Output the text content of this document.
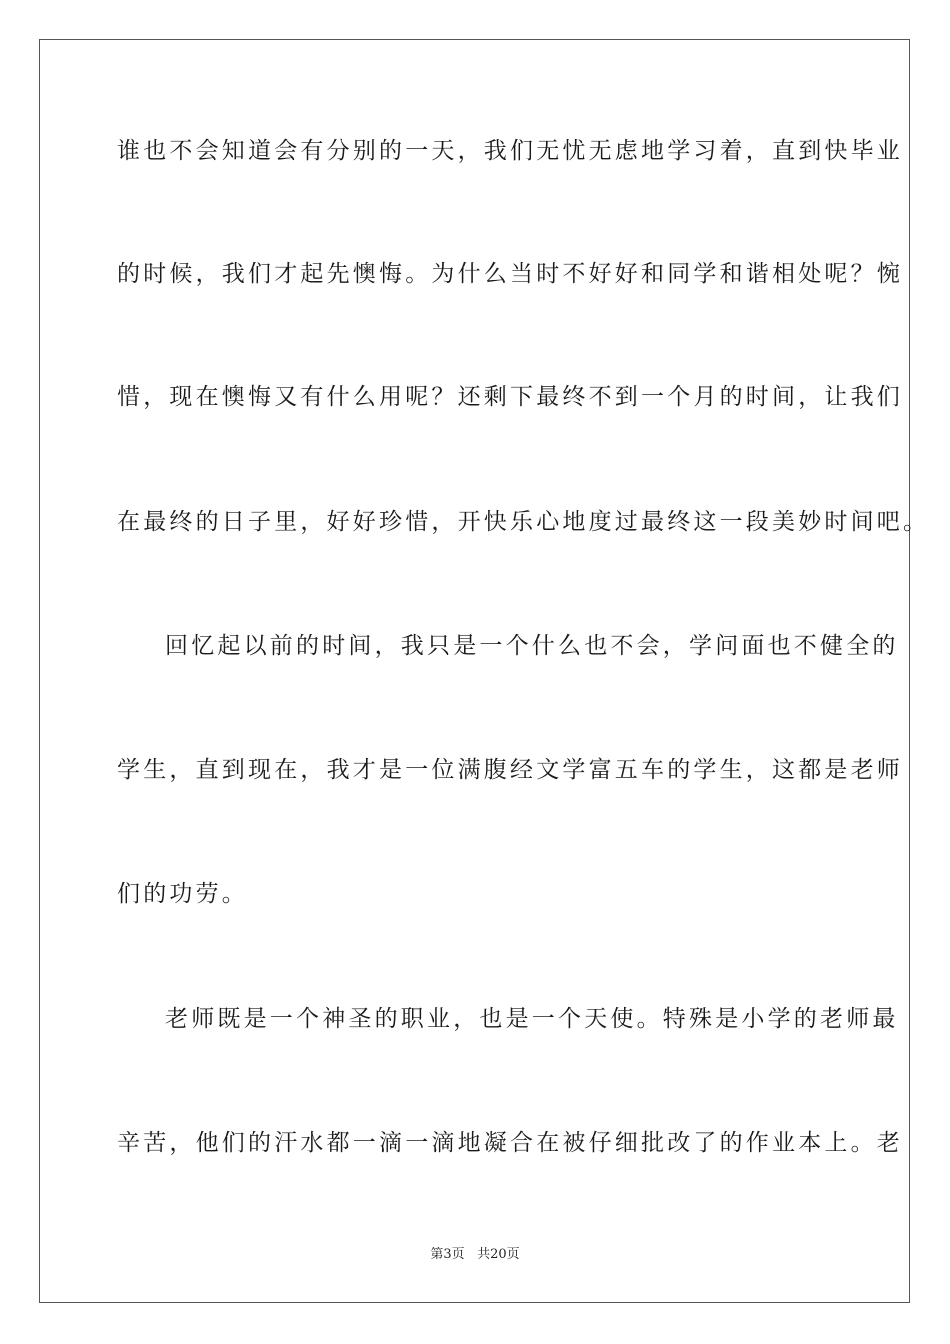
谁也不会知道会有分别的一天，我们无忧无虑地学习着，直到快毕业
的时候，我们才起先懊悔。为什么当时不好好和同学和谐相处呢？惋
惜，现在懊悔又有什么用呢？还剩下最终不到一个月的时间，让我们
在最终的日子里，好好珍惜，开快乐心地度过最终这一段美妙时间吧。
回忆起以前的时间，我只是一个什么也不会，学问面也不健全的
学生，直到现在，我才是一位满腹经文学富五车的学生，这都是老师
们的功劳。
老师既是一个神圣的职业，也是一个天使。特殊是小学的老师最
辛苦，他们的汗水都一滴一滴地凝合在被仔细批改了的作业本上。老
第3页 共20页
